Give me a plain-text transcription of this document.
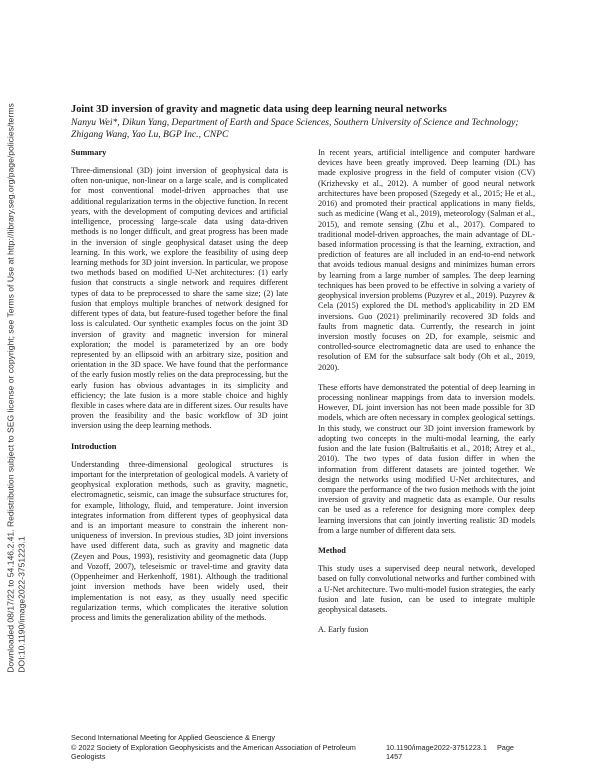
Downloaded 08/17/22 to 54.146.2.41. Redistribution subject to SEG license or copyright; see Terms of Use at http://library.seg.org/page/policies/terms DOI:10.1190/image2022-3751223.1
Joint 3D inversion of gravity and magnetic data using deep learning neural networks

Nanyu Wei*, Dikun Yang, Department of Earth and Space Sciences, Southern University of Science and Technology; Zhigang Wang, Yao Lu, BGP Inc., CNPC

Summary

Three-dimensional (3D) joint inversion of geophysical data is often non-unique, non-linear on a large scale, and is complicated for most conventional model-driven approaches that use additional regularization terms in the objective function. In recent years, with the development of computing devices and artificial intelligence, processing large-scale data using data-driven methods is no longer difficult, and great progress has been made in the inversion of single geophysical dataset using the deep learning. In this work, we explore the feasibility of using deep learning methods for 3D joint inversion. In particular, we propose two methods based on modified U-Net architectures: (1) early fusion that constructs a single network and requires different types of data to be preprocessed to share the same size; (2) late fusion that employs multiple branches of network designed for different types of data, but feature-fused together before the final loss is calculated. Our synthetic examples focus on the joint 3D inversion of gravity and magnetic inversion for mineral exploration; the model is parameterized by an ore body represented by an ellipsoid with an arbitrary size, position and orientation in the 3D space. We have found that the performance of the early fusion mostly relies on the data preprocessing, but the early fusion has obvious advantages in its simplicity and efficiency; the late fusion is a more stable choice and highly flexible in cases where data are in different sizes. Our results have proven the feasibility and the basic workflow of 3D joint inversion using the deep learning methods.

Introduction

Understanding three-dimensional geological structures is important for the interpretation of geological models. A variety of geophysical exploration methods, such as gravity, magnetic, electromagnetic, seismic, can image the subsurface structures for, for example, lithology, fluid, and temperature. Joint inversion integrates information from different types of geophysical data and is an important measure to constrain the inherent non-uniqueness of inversion. In previous studies, 3D joint inversions have used different data, such as gravity and magnetic data (Zeyen and Pous, 1993), resistivity and geomagnetic data (Jupp and Vozoff, 2007), teleseismic or travel-time and gravity data (Oppenheimer and Herkenhoff, 1981). Although the traditional joint inversion methods have been widely used, their implementation is not easy, as they usually need specific regularization terms, which complicates the iterative solution process and limits the generalization ability of the methods.

In recent years, artificial intelligence and computer hardware devices have been greatly improved. Deep learning (DL) has made explosive progress in the field of computer vision (CV) (Krizhevsky et al., 2012). A number of good neural network architectures have been proposed (Szegedy et al., 2015; He et al., 2016) and promoted their practical applications in many fields, such as medicine (Wang et al., 2019), meteorology (Salman et al., 2015), and remote sensing (Zhu et al., 2017). Compared to traditional model-driven approaches, the main advantage of DL-based information processing is that the learning, extraction, and prediction of features are all included in an end-to-end network that avoids tedious manual designs and minimizes human errors by learning from a large number of samples. The deep learning techniques has been proved to be effective in solving a variety of geophysical inversion problems (Puzyrev et al., 2019). Puzyrev & Cela (2015) explored the DL method's applicability in 2D EM inversions. Guo (2021) preliminarily recovered 3D folds and faults from magnetic data. Currently, the research in joint inversion mostly focuses on 2D, for example, seismic and controlled-source electromagnetic data are used to enhance the resolution of EM for the subsurface salt body (Oh et al., 2019, 2020).

These efforts have demonstrated the potential of deep learning in processing nonlinear mappings from data to inversion models. However, DL joint inversion has not been made possible for 3D models, which are often necessary in complex geological settings. In this study, we construct our 3D joint inversion framework by adopting two concepts in the multi-modal learning, the early fusion and the late fusion (Baltrušaitis et al., 2018; Atrey et al., 2010). The two types of data fusion differ in when the information from different datasets are jointed together. We design the networks using modified U-Net architectures, and compare the performance of the two fusion methods with the joint inversion of gravity and magnetic data as example. Our results can be used as a reference for designing more complex deep learning inversions that can jointly inverting realistic 3D models from a large number of different data sets.

Method

This study uses a supervised deep neural network, developed based on fully convolutional networks and further combined with a U-Net architecture. Two multi-model fusion strategies, the early fusion and late fusion, can be used to integrate multiple geophysical datasets.

A. Early fusion

Second International Meeting for Applied Geoscience & Energy
© 2022 Society of Exploration Geophysicists and the American Association of Petroleum Geologists
10.1190/image2022-3751223.1 Page 1457
